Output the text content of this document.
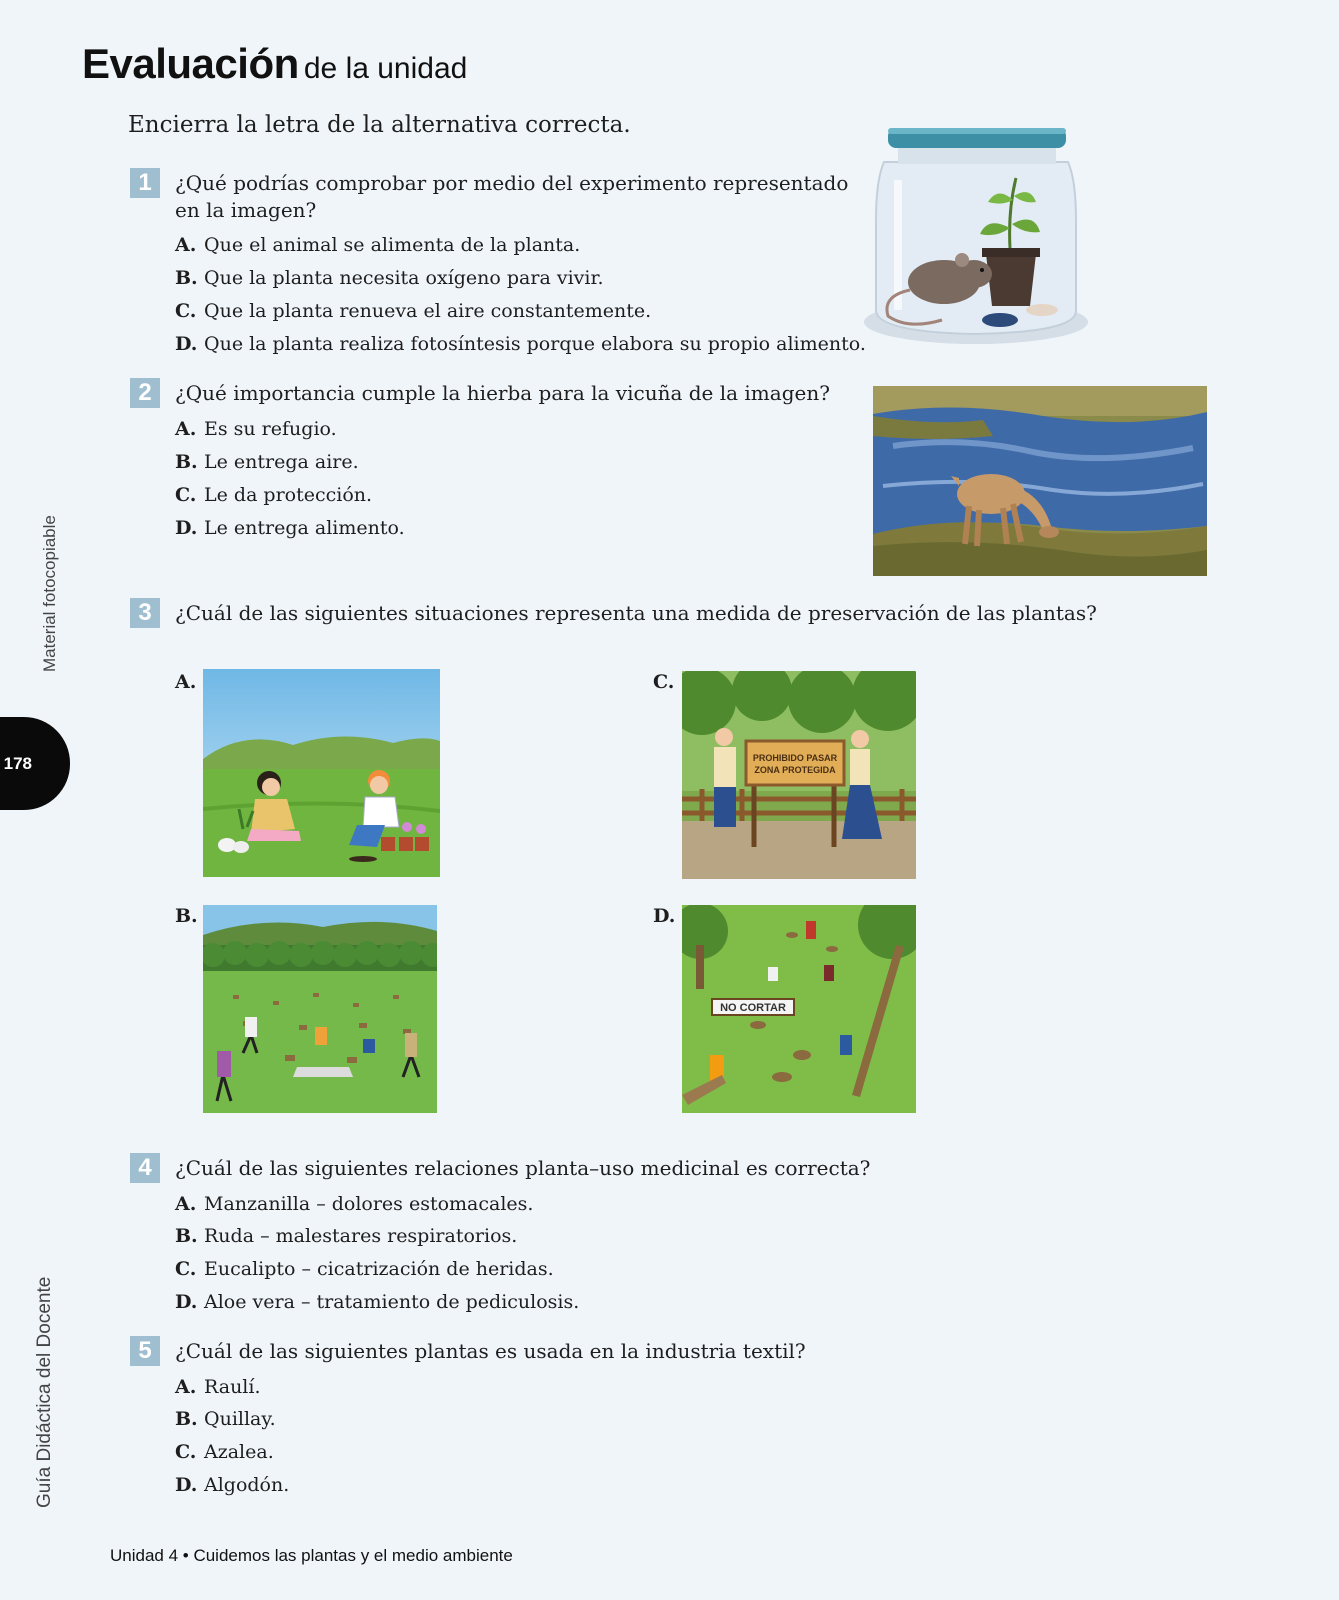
Evaluación de la unidad
Encierra la letra de la alternativa correcta.
Material fotocopiable
Guía Didáctica del Docente
178
1	¿Qué podrías comprobar por medio del experimento representado en la imagen?
A. Que el animal se alimenta de la planta.
B. Que la planta necesita oxígeno para vivir.
C. Que la planta renueva el aire constantemente.
D. Que la planta realiza fotosíntesis porque elabora su propio alimento.
2	¿Qué importancia cumple la hierba para la vicuña de la imagen?
A. Es su refugio.
B. Le entrega aire.
C. Le da protección.
D. Le entrega alimento.
3	¿Cuál de las siguientes situaciones representa una medida de preservación de las plantas?
A.
B.
C.
PROHIBIDO PASAR
ZONA PROTEGIDA
D.
NO CORTAR
4	¿Cuál de las siguientes relaciones planta–uso medicinal es correcta?
A. Manzanilla – dolores estomacales.
B. Ruda – malestares respiratorios.
C. Eucalipto – cicatrización de heridas.
D. Aloe vera – tratamiento de pediculosis.
5	¿Cuál de las siguientes plantas es usada en la industria textil?
A. Raulí.
B. Quillay.
C. Azalea.
D. Algodón.
Unidad 4 • Cuidemos las plantas y el medio ambiente
